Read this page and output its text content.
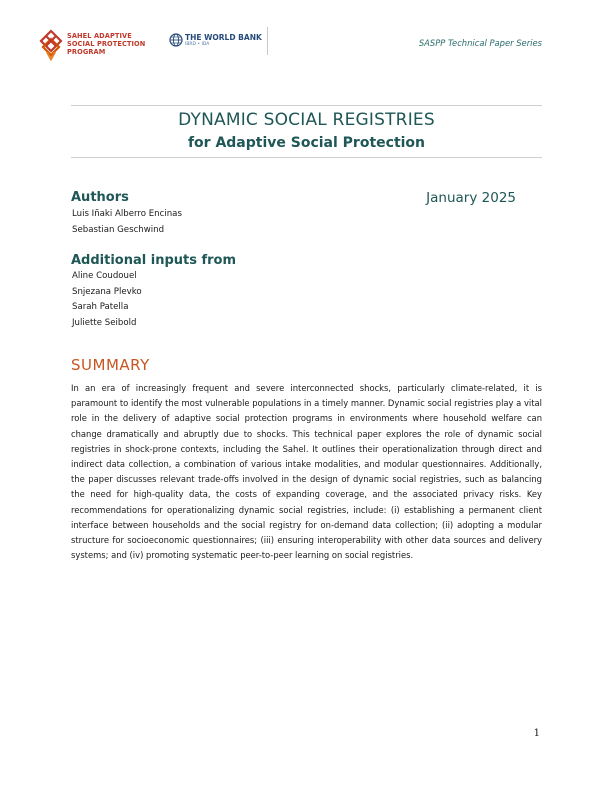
SAHEL ADAPTIVE
SOCIAL PROTECTION
PROGRAM
THE WORLD BANK
IBRD • IDA	SASPP Technical Paper Series
DYNAMIC SOCIAL REGISTRIES
for Adaptive Social Protection
Authors	January 2025
Luis Iñaki Alberro Encinas
Sebastian Geschwind
Additional inputs from
Aline Coudouel
Snjezana Plevko
Sarah Patella
Juliette Seibold
SUMMARY
In an era of increasingly frequent and severe interconnected shocks, particularly climate-related, it is paramount to identify the most vulnerable populations in a timely manner. Dynamic social registries play a vital role in the delivery of adaptive social protection programs in environments where household welfare can change dramatically and abruptly due to shocks. This technical paper explores the role of dynamic social registries in shock-prone contexts, including the Sahel. It outlines their operationalization through direct and indirect data collection, a combination of various intake modalities, and modular questionnaires. Additionally, the paper discusses relevant trade-offs involved in the design of dynamic social registries, such as balancing the need for high-quality data, the costs of expanding coverage, and the associated privacy risks. Key recommendations for operationalizing dynamic social registries, include: (i) establishing a permanent client interface between households and the social registry for on-demand data collection; (ii) adopting a modular structure for socioeconomic questionnaires; (iii) ensuring interoperability with other data sources and delivery systems; and (iv) promoting systematic peer-to-peer learning on social registries.
1
